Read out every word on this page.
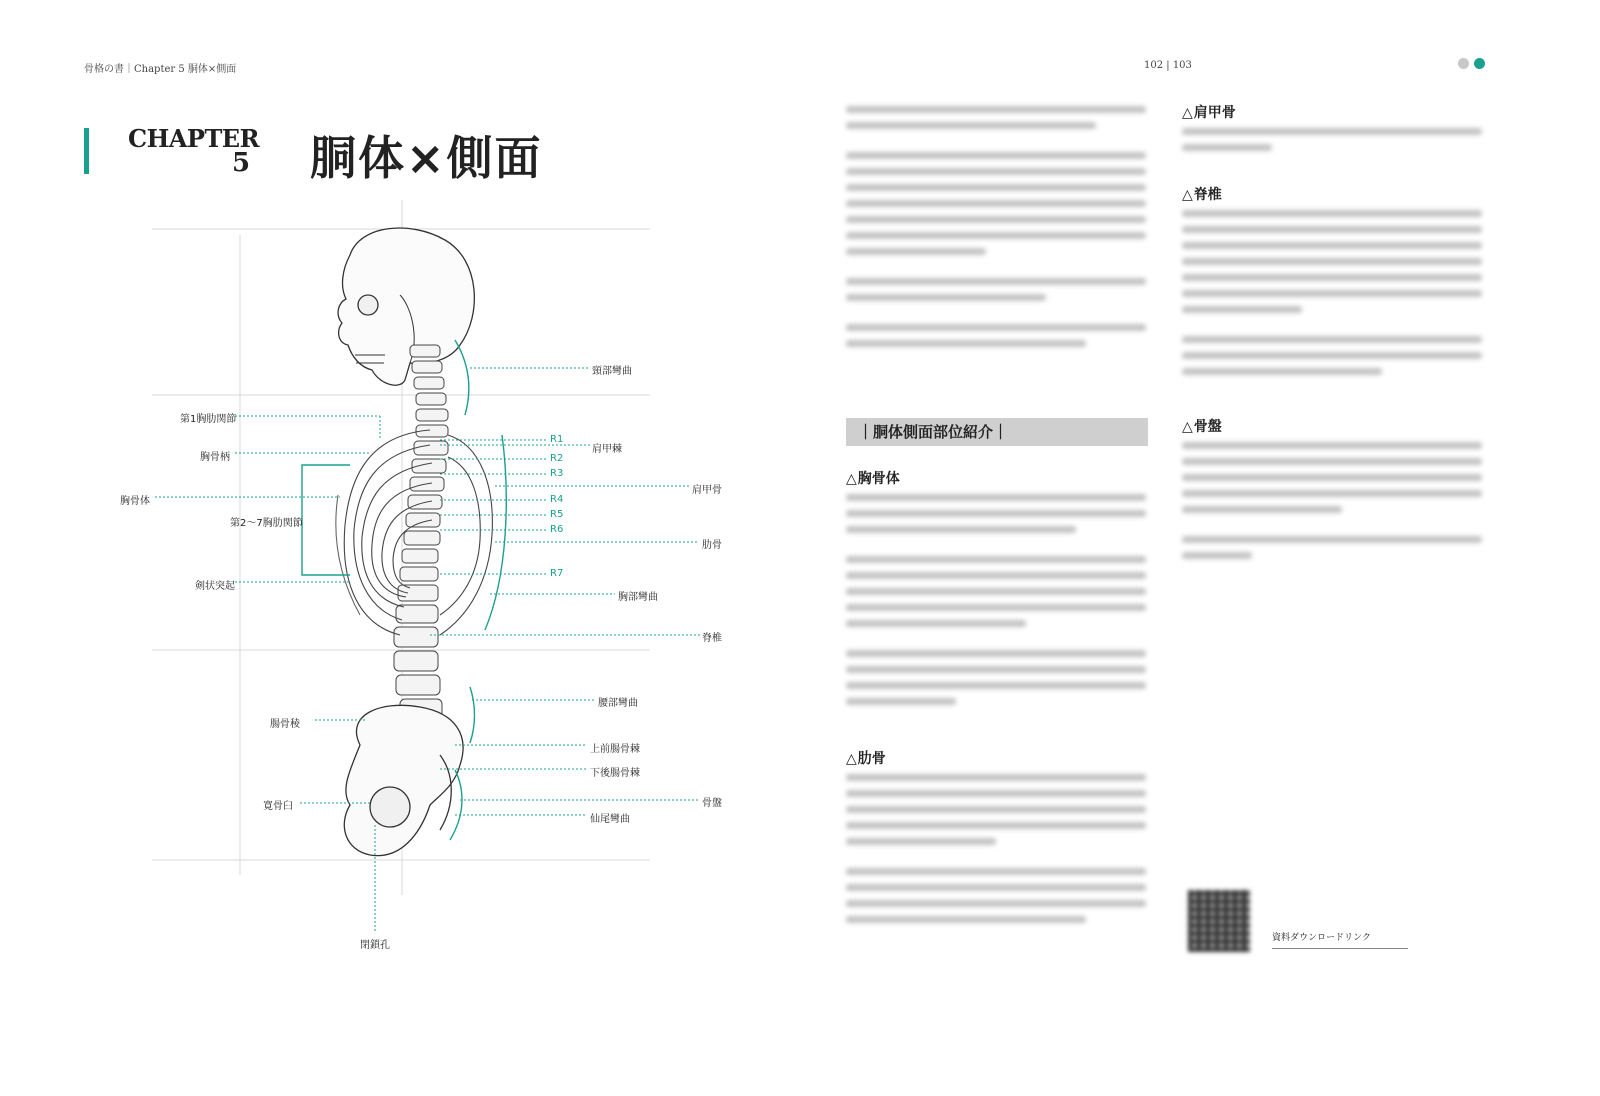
骨格の書｜Chapter 5 胴体×側面	102 | 103
CHAPTER
5 胴体×側面
第1胸肋関節
胸骨柄
胸骨体
第2～7胸肋関節
剣状突起
腸骨稜
寛骨臼
閉鎖孔
R1
R2
R3
R4
R5
R6
R7
頸部彎曲
肩甲棘
肩甲骨
肋骨
胸部彎曲
脊椎
腰部彎曲
上前腸骨棘
下後腸骨棘
骨盤
仙尾彎曲
｜胴体側面部位紹介｜
△胸骨体
△肋骨
△肩甲骨
△脊椎
△骨盤
資料ダウンロードリンク
